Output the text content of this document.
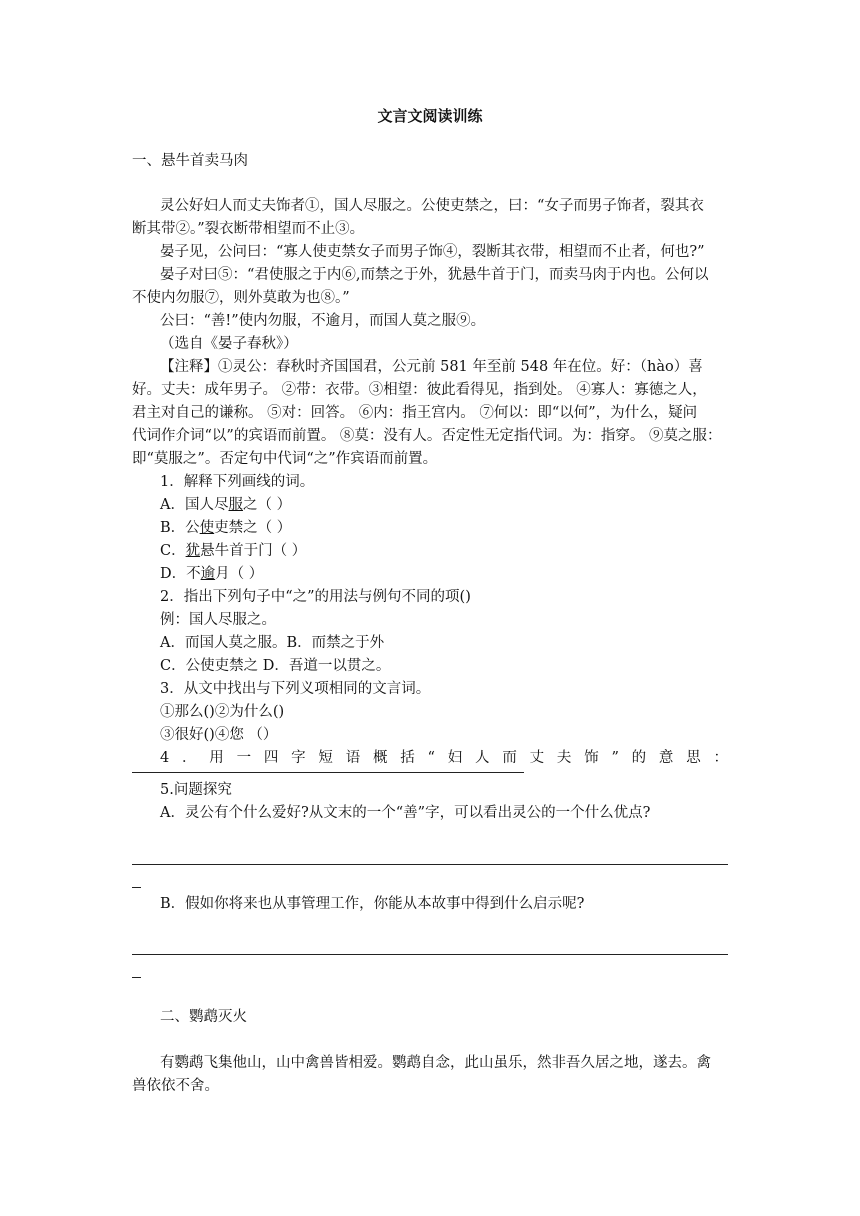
文言文阅读训练
一、悬牛首卖马肉
灵公好妇人而丈夫饰者①，国人尽服之。公使吏禁之，曰：“女子而男子饰者，裂其衣
断其带②。”裂衣断带相望而不止③。
晏子见，公问曰：“寡人使吏禁女子而男子饰④，裂断其衣带，相望而不止者，何也?”
晏子对曰⑤：“君使服之于内⑥,而禁之于外，犹悬牛首于门，而卖马肉于内也。公何以
不使内勿服⑦，则外莫敢为也⑧。”
公曰：“善!”使内勿服，不逾月，而国人莫之服⑨。
（选自《晏子春秋》）
【注释】①灵公：春秋时齐国国君，公元前 581 年至前 548 年在位。好：（hào）喜
好。丈夫：成年男子。 ②带：衣带。③相望：彼此看得见，指到处。 ④寡人：寡德之人，
君主对自己的谦称。 ⑤对：回答。 ⑥内：指王宫内。 ⑦何以：即“以何”，为什么，疑问
代词作介词“以”的宾语而前置。 ⑧莫：没有人。否定性无定指代词。为：指穿。 ⑨莫之服：
即“莫服之”。否定句中代词“之”作宾语而前置。
1．解释下列画线的词。
A．国人尽服之（ ）
B．公使吏禁之（ ）
C．犹悬牛首于门（ ）
D．不逾月（ ）
2．指出下列句子中“之”的用法与例句不同的项()
例：国人尽服之。
A．而国人莫之服。B．而禁之于外
C．公使吏禁之 D．吾道一以贯之。
3．从文中找出与下列义项相同的文言词。
①那么()②为什么()
③很好()④您 （）
4．用一四字短语概括“妇人而丈夫饰”的意思：
5.问题探究
A．灵公有个什么爱好?从文末的一个“善”字，可以看出灵公的一个什么优点?
B．假如你将来也从事管理工作，你能从本故事中得到什么启示呢?
二、鹦鹉灭火
有鹦鹉飞集他山，山中禽兽皆相爱。鹦鹉自念，此山虽乐，然非吾久居之地，遂去。禽
兽依依不舍。
